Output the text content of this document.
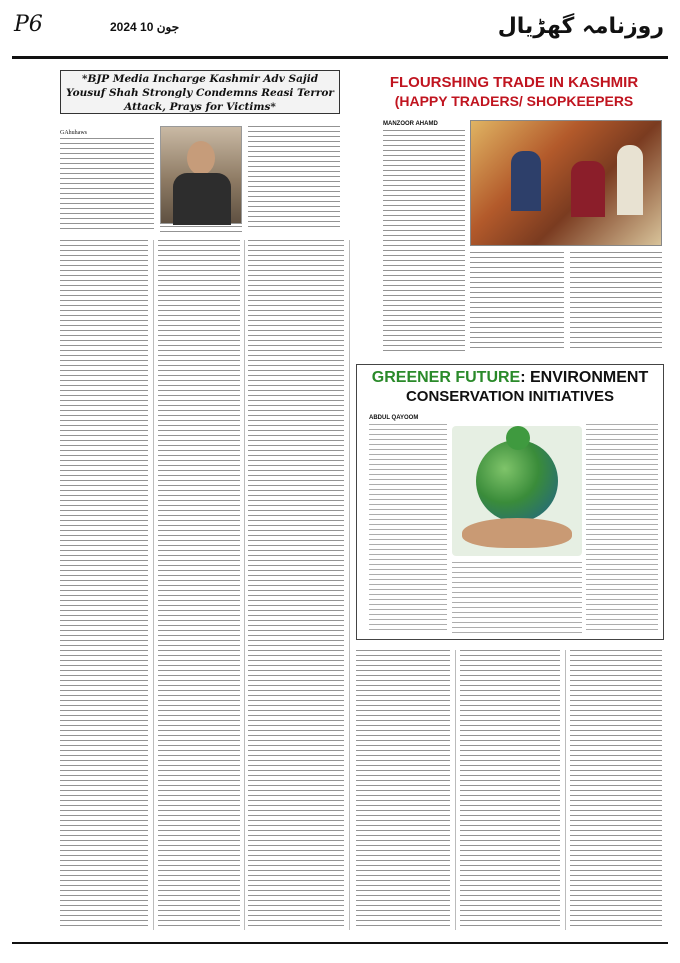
P6	2024 جون 10	روزنامہ گھڑیال
*BJP Media Incharge Kashmir Adv Sajid Yousuf Shah Strongly Condemns Reasi Terror Attack, Prays for Victims*
GAhuhaws
FLOURSHING TRADE IN KASHMIR
(HAPPY TRADERS/ SHOPKEEPERS
MANZOOR AHAMD
GREENER FUTURE: ENVIRONMENT
CONSERVATION INITIATIVES
ABDUL QAYOOM
